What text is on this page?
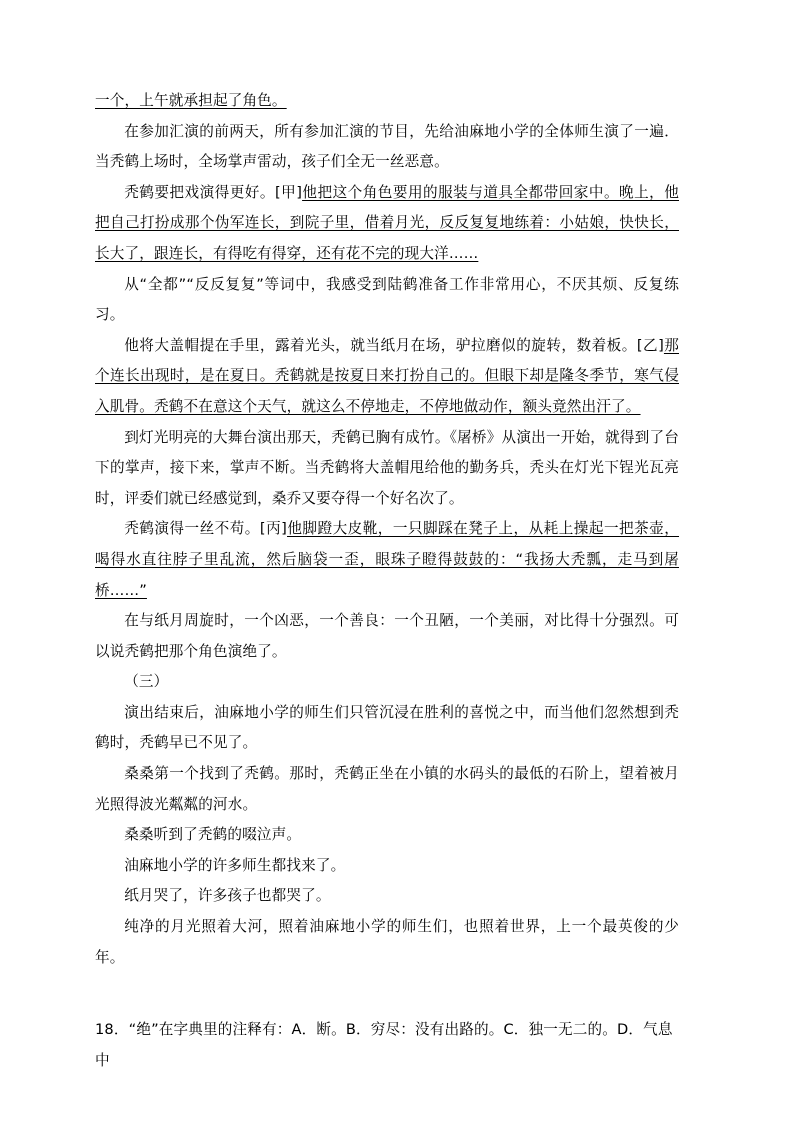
一个，上午就承担起了角色。

在参加汇演的前两天，所有参加汇演的节目，先给油麻地小学的全体师生演了一遍．当秃鹤上场时，全场掌声雷动，孩子们全无一丝恶意。

秃鹤要把戏演得更好。[甲]他把这个角色要用的服装与道具全都带回家中。晚上，他把自己打扮成那个伪军连长，到院子里，借着月光，反反复复地练着：小姑娘，快快长，长大了，跟连长，有得吃有得穿，还有花不完的现大洋……

从“全都”“反反复复”等词中，我感受到陆鹤准备工作非常用心，不厌其烦、反复练习。

他将大盖帽提在手里，露着光头，就当纸月在场，驴拉磨似的旋转，数着板。[乙]那个连长出现时，是在夏日。秃鹤就是按夏日来打扮自己的。但眼下却是隆冬季节，寒气侵入肌骨。秃鹤不在意这个天气，就这么不停地走，不停地做动作，额头竟然出汗了。

到灯光明亮的大舞台演出那天，秃鹤已胸有成竹。《屠桥》从演出一开始，就得到了台下的掌声，接下来，掌声不断。当秃鹤将大盖帽甩给他的勤务兵，秃头在灯光下锃光瓦亮时，评委们就已经感觉到，桑乔又要夺得一个好名次了。

秃鹤演得一丝不苟。[丙]他脚蹬大皮靴，一只脚踩在凳子上，从耗上操起一把茶壶，喝得水直往脖子里乱流，然后脑袋一歪，眼珠子瞪得鼓鼓的：“我扬大秃瓢，走马到屠桥……”

在与纸月周旋时，一个凶恶，一个善良：一个丑陋，一个美丽，对比得十分强烈。可以说秃鹤把那个角色演绝了。

（三）

演出结束后，油麻地小学的师生们只管沉浸在胜利的喜悦之中，而当他们忽然想到秃鹤时，秃鹤早已不见了。

桑桑第一个找到了秃鹤。那时，秃鹤正坐在小镇的水码头的最低的石阶上，望着被月光照得波光粼粼的河水。

桑桑听到了秃鹤的啜泣声。

油麻地小学的许多师生都找来了。

纸月哭了，许多孩子也都哭了。

纯净的月光照着大河，照着油麻地小学的师生们，也照着世界，上一个最英俊的少年。

18．“绝”在字典里的注释有：A．断。B．穷尽：没有出路的。C．独一无二的。D．气息中
